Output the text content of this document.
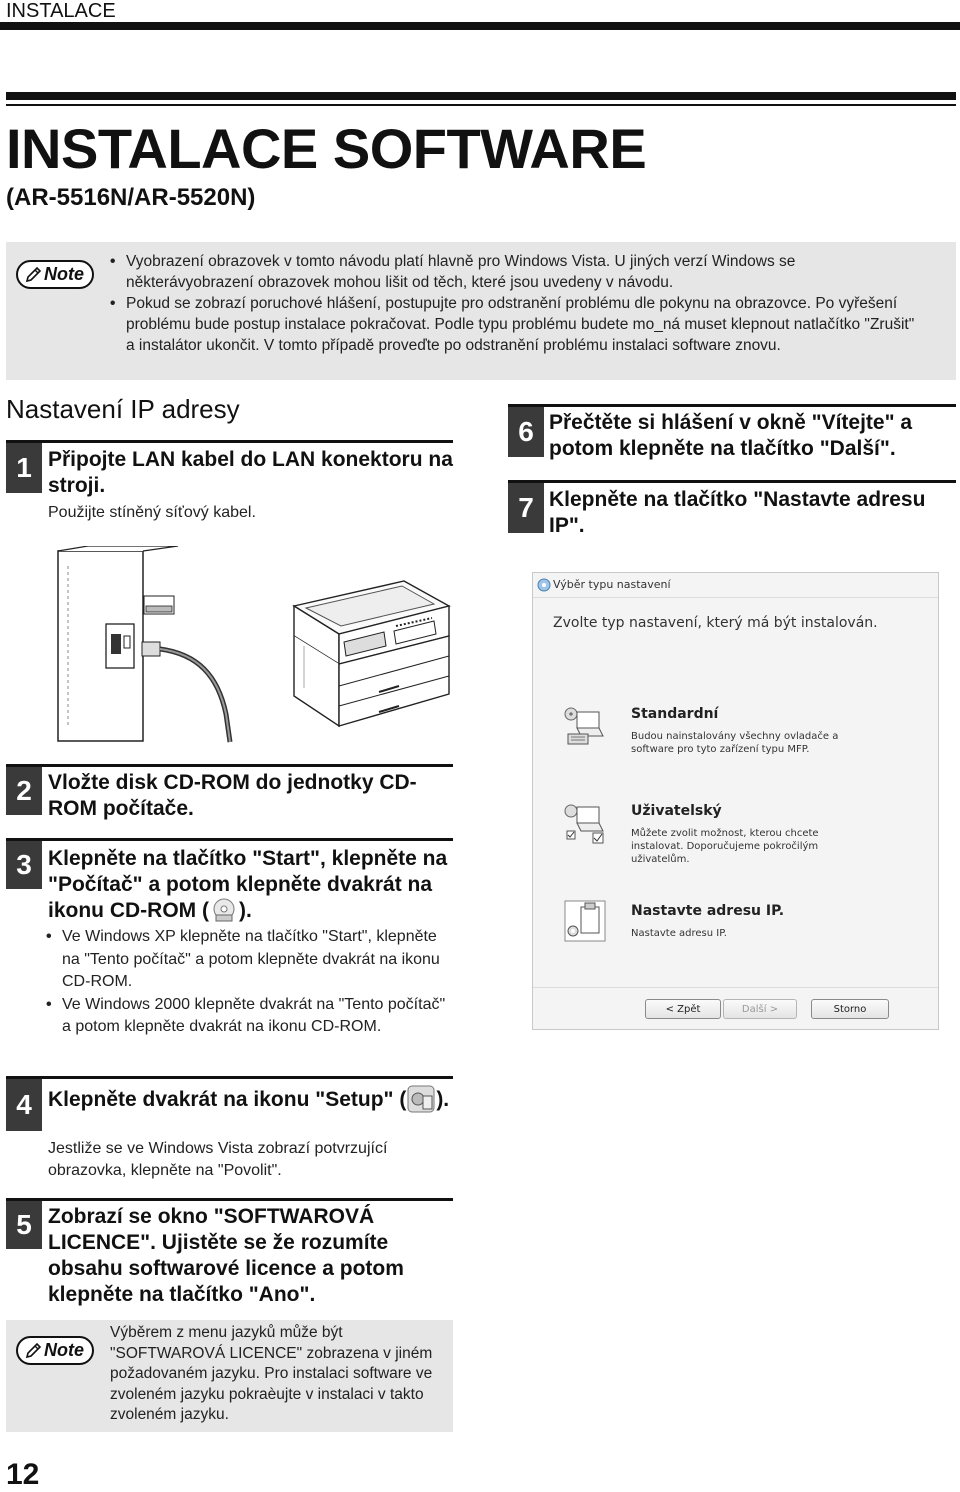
INSTALACE
INSTALACE SOFTWARE
(AR-5516N/AR-5520N)
Note
• Vyobrazení obrazovek v tomto návodu platí hlavně pro Windows Vista. U jiných verzí Windows se některávyobrazení obrazovek mohou lišit od těch, které jsou uvedeny v návodu.
• Pokud se zobrazí poruchové hlášení, postupujte pro odstranění problému dle pokynu na obrazovce. Po vyřešení problému bude postup instalace pokračovat. Podle typu problému budete mo_ná muset klepnout natlačítko "Zrušit" a instalátor ukončit. V tomto případě proveďte po odstranění problému instalaci software znovu.
Nastavení IP adresy
1 Připojte LAN kabel do LAN konektoru na stroji.
Použijte stíněný síťový kabel.
2 Vložte disk CD-ROM do jednotky CD-ROM počítače.
3 Klepněte na tlačítko "Start", klepněte na "Počítač" a potom klepněte dvakrát na ikonu CD-ROM ( ).
• Ve Windows XP klepněte na tlačítko "Start", klepněte na "Tento počítač" a potom klepněte dvakrát na ikonu CD-ROM.
• Ve Windows 2000 klepněte dvakrát na "Tento počítač" a potom klepněte dvakrát na ikonu CD-ROM.
4 Klepněte dvakrát na ikonu "Setup" ( ).
Jestliže se ve Windows Vista zobrazí potvrzující obrazovka, klepněte na "Povolit".
5 Zobrazí se okno "SOFTWAROVÁ LICENCE". Ujistěte se že rozumíte obsahu softwarové licence a potom klepněte na tlačítko "Ano".
Note
Výběrem z menu jazyků může být "SOFTWAROVÁ LICENCE" zobrazena v jiném požadovaném jazyku. Pro instalaci software ve zvoleném jazyku pokraèujte v instalaci v takto zvoleném jazyku.
6 Přečtěte si hlášení v okně "Vítejte" a potom klepněte na tlačítko "Další".
7 Klepněte na tlačítko "Nastavte adresu IP".
Výběr typu nastavení
Zvolte typ nastavení, který má být instalován.
Standardní
Budou nainstalovány všechny ovladače a software pro tyto zařízení typu MFP.
Uživatelský
Můžete zvolit možnost, kterou chcete instalovat. Doporučujeme pokročilým uživatelům.
Nastavte adresu IP.
Nastavte adresu IP.
< Zpět	Další >	Storno
12
